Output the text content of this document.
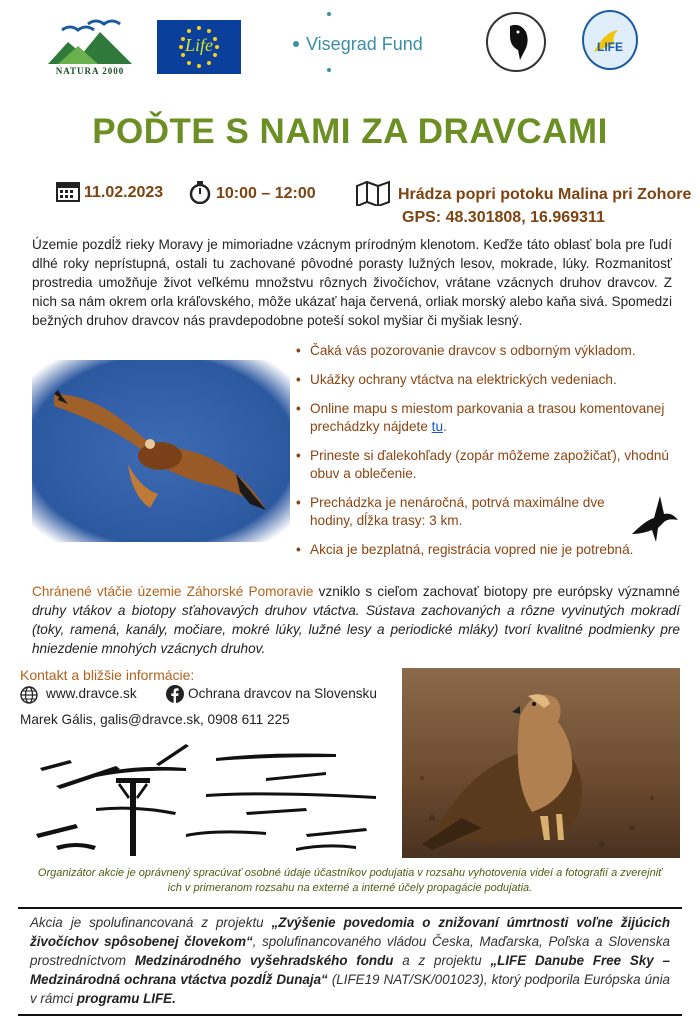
NATURA 2000
Life	Visegrad Fund	LIFE
POĎTE S NAMI ZA DRAVCAMI
11.02.2023	10:00 – 12:00	Hrádza popri potoku Malina pri Zohore
GPS: 48.301808, 16.969311
Územie pozdĺž rieky Moravy je mimoriadne vzácnym prírodným klenotom. Keďže táto oblasť bola pre ľudí dlhé roky neprístupná, ostali tu zachované pôvodné porasty lužných lesov, mokrade, lúky. Rozmanitosť prostredia umožňuje život veľkému množstvu rôznych živočíchov, vrátane vzácnych druhov dravcov. Z nich sa nám okrem orla kráľovského, môže ukázať haja červená, orliak morský alebo kaňa sivá. Spomedzi bežných druhov dravcov nás pravdepodobne poteší sokol myšiar či myšiak lesný.
• Čaká vás pozorovanie dravcov s odborným výkladom.
• Ukážky ochrany vtáctva na elektrických vedeniach.
• Online mapu s miestom parkovania a trasou komentovanej prechádzky nájdete tu.
• Prineste si ďalekohľady (zopár môžeme zapožičať), vhodnú obuv a oblečenie.
• Prechádzka je nenáročná, potrvá maximálne dve hodiny, dĺžka trasy: 3 km.
• Akcia je bezplatná, registrácia vopred nie je potrebná.
Chránené vtáčie územie Záhorské Pomoravie vzniklo s cieľom zachovať biotopy pre európsky významné druhy vtákov a biotopy sťahovavých druhov vtáctva. Sústava zachovaných a rôzne vyvinutých mokradí (toky, ramená, kanály, močiare, mokré lúky, lužné lesy a periodické mláky) tvorí kvalitné podmienky pre hniezdenie mnohých vzácnych druhov.
Kontakt a bližšie informácie:
www.dravce.sk	Ochrana dravcov na Slovensku
Marek Gális, galis@dravce.sk, 0908 611 225
Organizátor akcie je oprávnený spracúvať osobné údaje účastníkov podujatia v rozsahu vyhotovenia videí a fotografií a zverejniť ich v primeranom rozsahu na externé a interné účely propagácie podujatia.

Akcia je spolufinancovaná z projektu „Zvýšenie povedomia o znižovaní úmrtnosti voľne žijúcich živočíchov spôsobenej človekom“, spolufinancovaného vládou Česka, Maďarska, Poľska a Slovenska prostredníctvom Medzinárodného vyšehradského fondu a z projektu „LIFE Danube Free Sky – Medzinárodná ochrana vtáctva pozdĺž Dunaja“ (LIFE19 NAT/SK/001023), ktorý podporila Európska únia v rámci programu LIFE.
